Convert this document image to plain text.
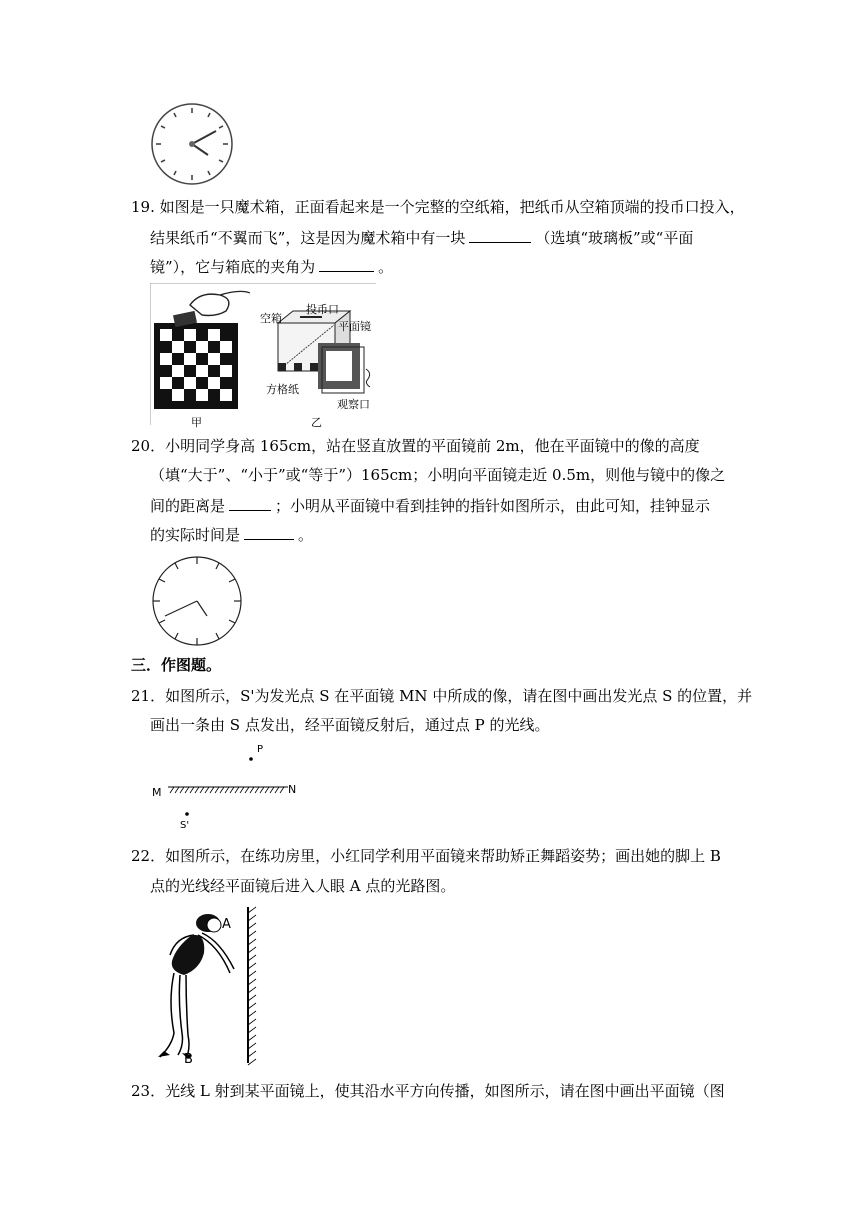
19. 如图是一只魔术箱，正面看起来是一个完整的空纸箱，把纸币从空箱顶端的投币口投入，
结果纸币“不翼而飞”，这是因为魔术箱中有一块	（选填“玻璃板”或“平面
镜”），它与箱底的夹角为	。
空箱
投币口
平面镜
方格纸
观察口
甲	乙
20．小明同学身高 165cm，站在竖直放置的平面镜前 2m，他在平面镜中的像的高度
（填“大于”、“小于”或“等于”）165cm；小明向平面镜走近 0.5m，则他与镜中的像之
间的距离是	；小明从平面镜中看到挂钟的指针如图所示，由此可知，挂钟显示
的实际时间是	。
三．作图题。
21．如图所示，S'为发光点 S 在平面镜 MN 中所成的像，请在图中画出发光点 S 的位置，并
画出一条由 S 点发出，经平面镜反射后，通过点 P 的光线。
P
M	N
S'
22．如图所示，在练功房里，小红同学利用平面镜来帮助矫正舞蹈姿势；画出她的脚上 B
点的光线经平面镜后进入人眼 A 点的光路图。
A
B
23．光线 L 射到某平面镜上，使其沿水平方向传播，如图所示，请在图中画出平面镜（图
